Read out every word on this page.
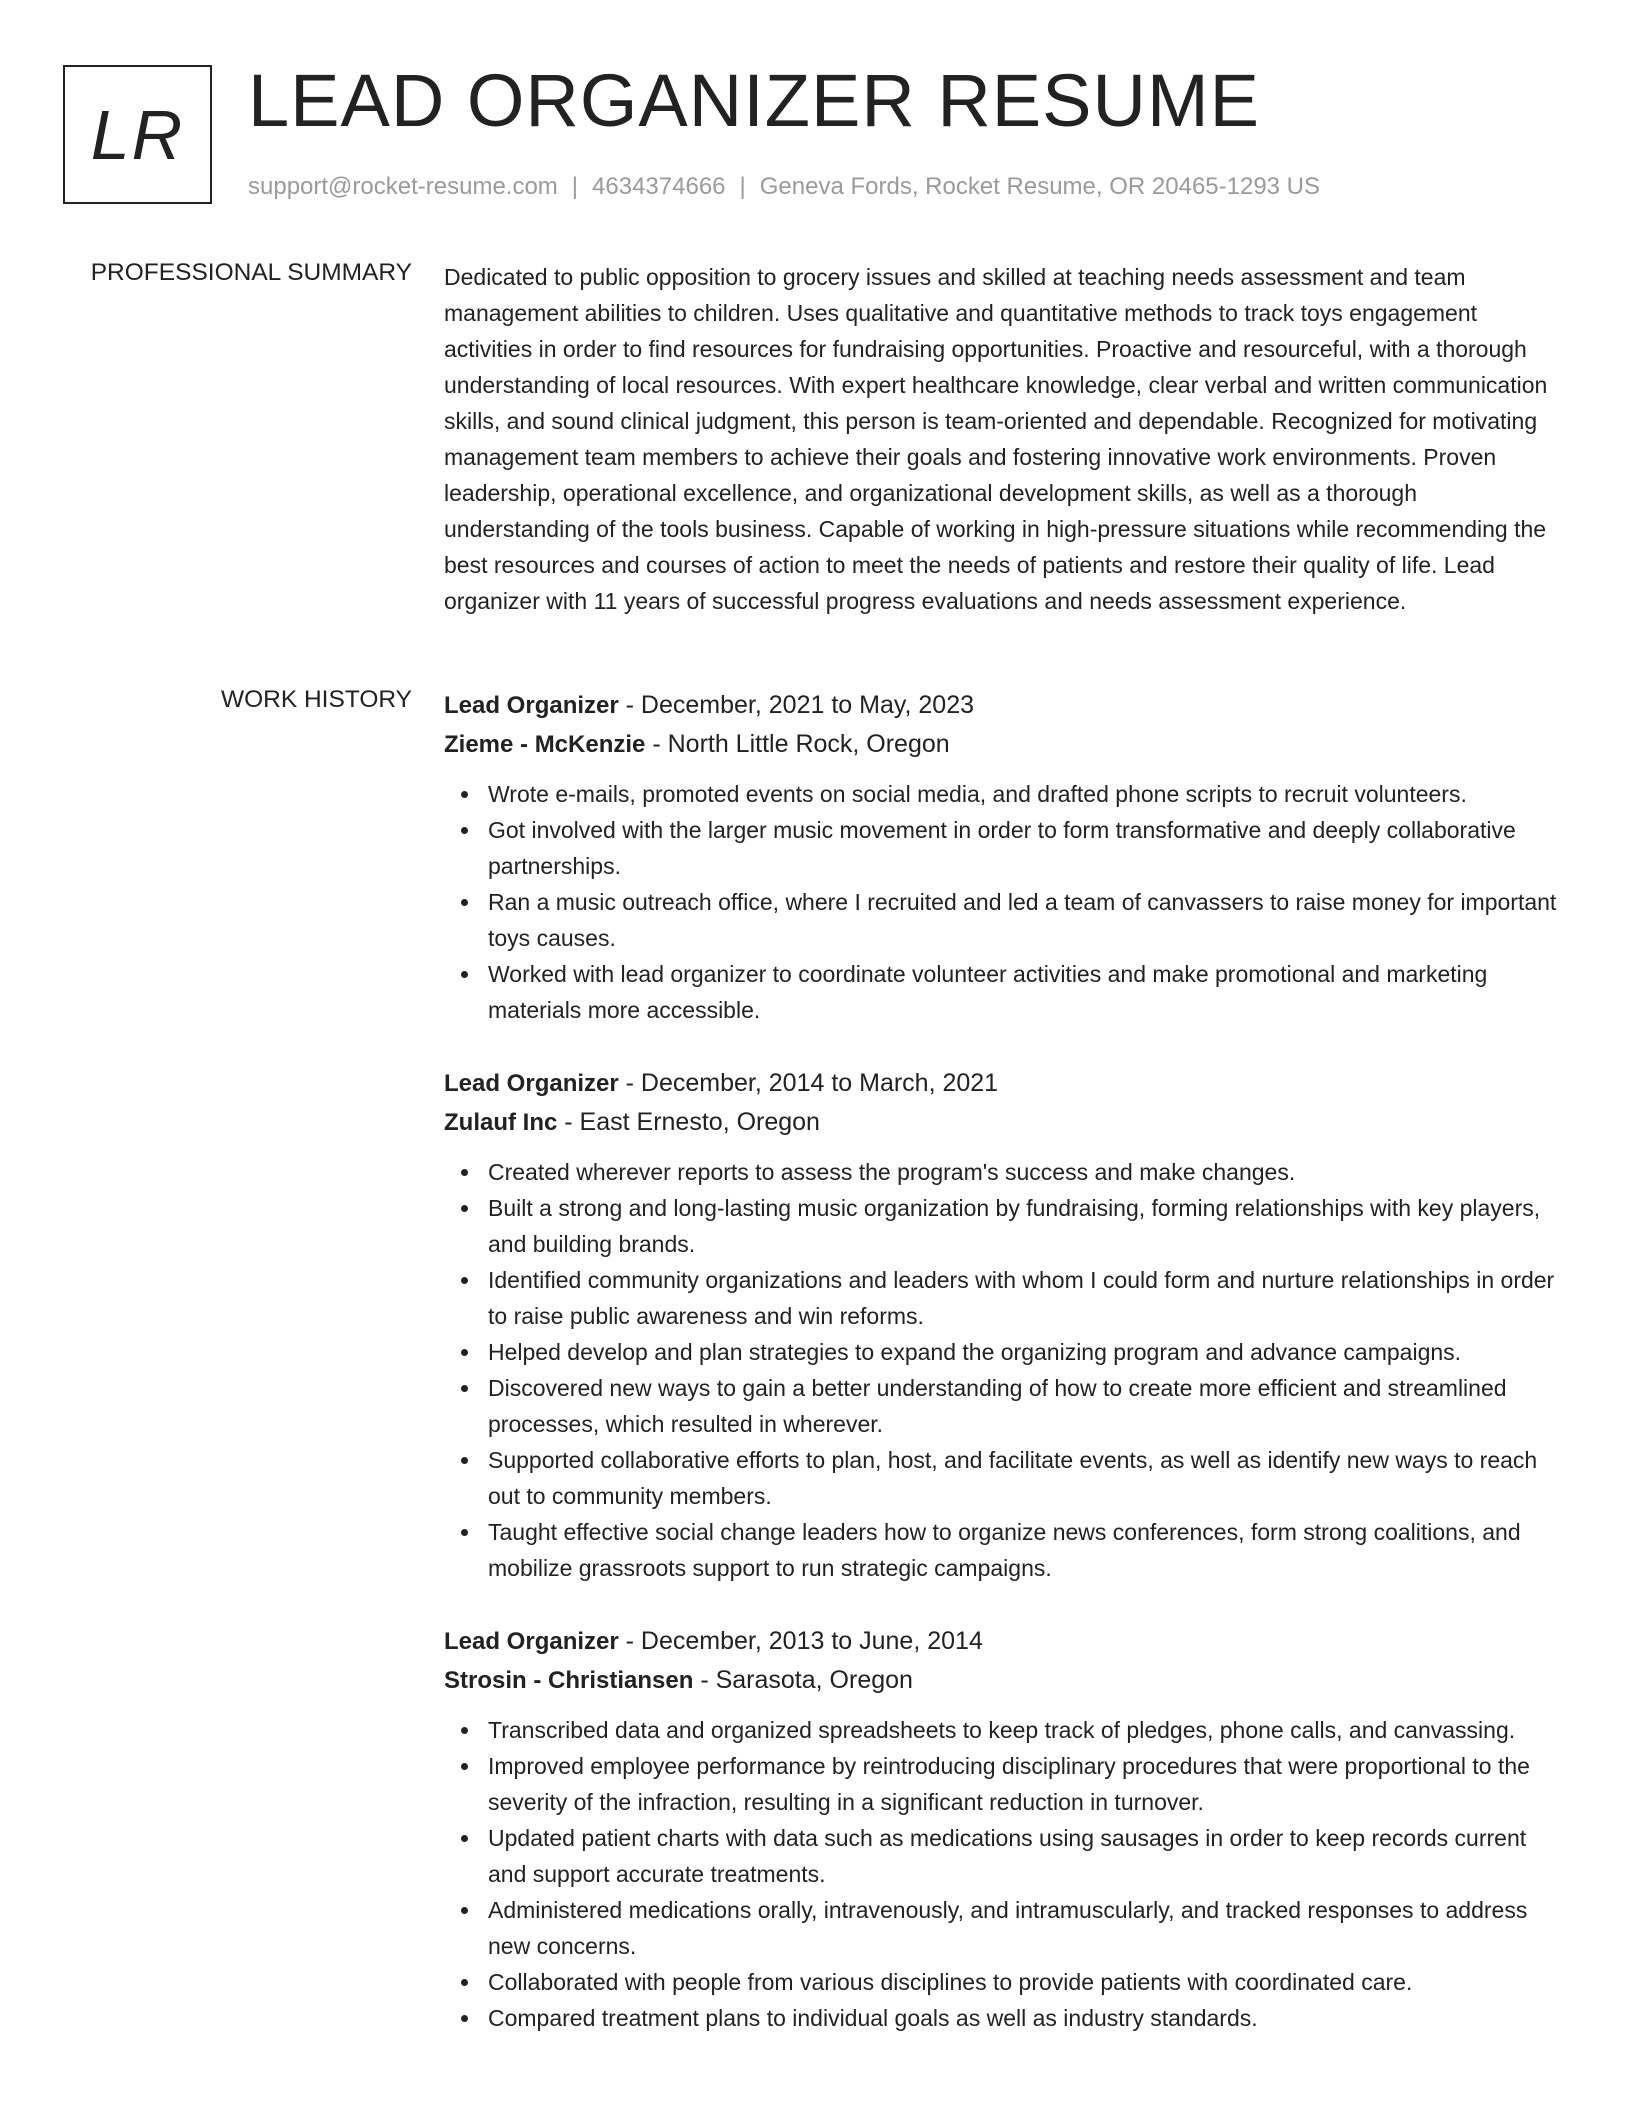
LR LEAD ORGANIZER RESUME
support@rocket-resume.com | 4634374666 | Geneva Fords, Rocket Resume, OR 20465-1293 US
PROFESSIONAL SUMMARY Dedicated to public opposition to grocery issues and skilled at teaching needs assessment and team management abilities to children. Uses qualitative and quantitative methods to track toys engagement activities in order to find resources for fundraising opportunities. Proactive and resourceful, with a thorough understanding of local resources. With expert healthcare knowledge, clear verbal and written communication skills, and sound clinical judgment, this person is team-oriented and dependable. Recognized for motivating management team members to achieve their goals and fostering innovative work environments. Proven leadership, operational excellence, and organizational development skills, as well as a thorough understanding of the tools business. Capable of working in high-pressure situations while recommending the best resources and courses of action to meet the needs of patients and restore their quality of life. Lead organizer with 11 years of successful progress evaluations and needs assessment experience.

WORK HISTORY Lead Organizer - December, 2021 to May, 2023
Zieme - McKenzie - North Little Rock, Oregon
Wrote e-mails, promoted events on social media, and drafted phone scripts to recruit volunteers.
Got involved with the larger music movement in order to form transformative and deeply collaborative partnerships.
Ran a music outreach office, where I recruited and led a team of canvassers to raise money for important toys causes.
Worked with lead organizer to coordinate volunteer activities and make promotional and marketing materials more accessible.
Lead Organizer - December, 2014 to March, 2021
Zulauf Inc - East Ernesto, Oregon
Created wherever reports to assess the program's success and make changes.
Built a strong and long-lasting music organization by fundraising, forming relationships with key players, and building brands.
Identified community organizations and leaders with whom I could form and nurture relationships in order to raise public awareness and win reforms.
Helped develop and plan strategies to expand the organizing program and advance campaigns.
Discovered new ways to gain a better understanding of how to create more efficient and streamlined processes, which resulted in wherever.
Supported collaborative efforts to plan, host, and facilitate events, as well as identify new ways to reach out to community members.
Taught effective social change leaders how to organize news conferences, form strong coalitions, and mobilize grassroots support to run strategic campaigns.
Lead Organizer - December, 2013 to June, 2014
Strosin - Christiansen - Sarasota, Oregon
Transcribed data and organized spreadsheets to keep track of pledges, phone calls, and canvassing.
Improved employee performance by reintroducing disciplinary procedures that were proportional to the severity of the infraction, resulting in a significant reduction in turnover.
Updated patient charts with data such as medications using sausages in order to keep records current and support accurate treatments.
Administered medications orally, intravenously, and intramuscularly, and tracked responses to address new concerns.
Collaborated with people from various disciplines to provide patients with coordinated care.
Compared treatment plans to individual goals as well as industry standards.
